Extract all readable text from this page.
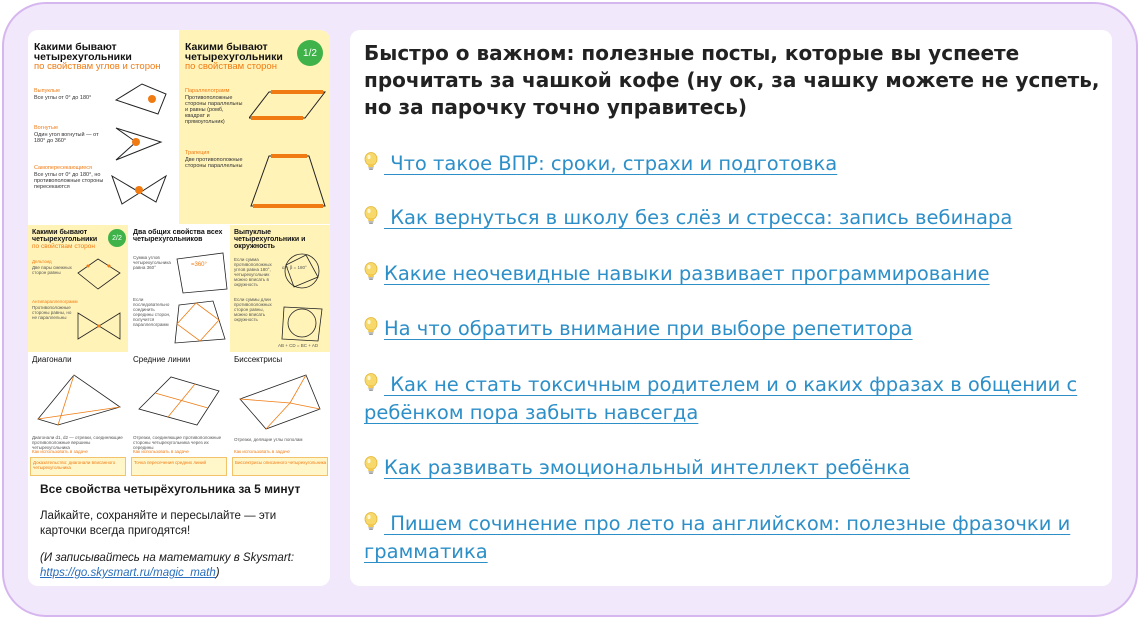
Какими бывают четырехугольники
по свойствам углов и сторон
Выпуклые
Все углы от 0° до 180°
Вогнутые
Один угол вогнутый — от 180° до 360°
Самопересекающиеся
Все углы от 0° до 180°, но противоположные стороны пересекаются
Какими бывают четырехугольники
по свойствам сторон
1/2
Параллелограмм
Противоположные стороны параллельны и равны (ромб, квадрат и прямоугольник)
Трапеция
Две противоположные стороны параллельны
Какими бывают четырехугольники
по свойствам сторон
2/2
Дельтоид
Две пары смежных сторон равны
Антипараллелограмм
Противоположные стороны равны, но не параллельны
Два общих свойства всех четырехугольников
Сумма углов четырехугольника равна 360°
Если последовательно соединить середины сторон, получится параллелограмм
=360°
Выпуклые четырехугольники и окружность
Если сумма противоположных углов равна 180°, четырехугольник можно вписать в окружность
Если суммы длин противоположных сторон равны, можно вписать окружность
α + β = 180°
AB + CD = BC + AD
Диагонали
Диагонали d1, d2 — отрезки, соединяющие противоположные вершины четырехугольника
Доказательство: диагонали вписанного четырехугольника
Как использовать в задаче
Средние линии
Отрезки, соединяющие противоположные стороны четырехугольника через их середины
Как использовать в задаче
Точка пересечения средних линий
Биссектрисы
Отрезки, делящие углы пополам
Как использовать в задаче
Биссектрисы описанного четырехугольника
Все свойства четырёхугольника за 5 минут
Лайкайте, сохраняйте и пересылайте — эти карточки всегда пригодятся!
(И записывайтесь на математику в Skysmart: https://go.skysmart.ru/magic_math)
Быстро о важном: полезные посты, которые вы успеете прочитать за чашкой кофе (ну ок, за чашку можете не успеть, но за парочку точно управитесь)
Что такое ВПР: сроки, страхи и подготовка
Как вернуться в школу без слёз и стресса: запись вебинара
Какие неочевидные навыки развивает программирование
На что обратить внимание при выборе репетитора
Как не стать токсичным родителем и о каких фразах в общении с ребёнком пора забыть навсегда
Как развивать эмоциональный интеллект ребёнка
Пишем сочинение про лето на английском: полезные фразочки и грамматика
